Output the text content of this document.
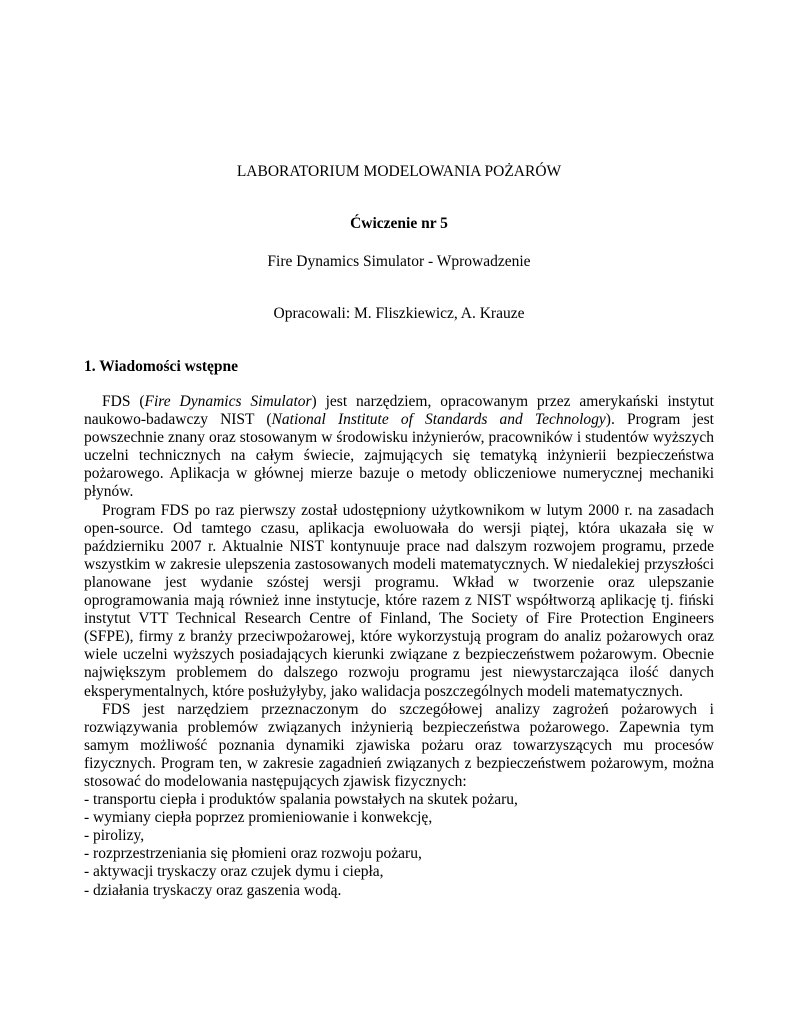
LABORATORIUM MODELOWANIA POŻARÓW
Ćwiczenie nr 5
Fire Dynamics Simulator - Wprowadzenie
Opracowali: M. Fliszkiewicz, A. Krauze
1. Wiadomości wstępne

FDS (Fire Dynamics Simulator) jest narzędziem, opracowanym przez amerykański instytut naukowo-badawczy NIST (National Institute of Standards and Technology). Program jest powszechnie znany oraz stosowanym w środowisku inżynierów, pracowników i studentów wyższych uczelni technicznych na całym świecie, zajmujących się tematyką inżynierii bezpieczeństwa pożarowego. Aplikacja w głównej mierze bazuje o metody obliczeniowe numerycznej mechaniki płynów.

Program FDS po raz pierwszy został udostępniony użytkownikom w lutym 2000 r. na zasadach open-source. Od tamtego czasu, aplikacja ewoluowała do wersji piątej, która ukazała się w październiku 2007 r. Aktualnie NIST kontynuuje prace nad dalszym rozwojem programu, przede wszystkim w zakresie ulepszenia zastosowanych modeli matematycznych. W niedalekiej przyszłości planowane jest wydanie szóstej wersji programu. Wkład w tworzenie oraz ulepszanie oprogramowania mają również inne instytucje, które razem z NIST współtworzą aplikację tj. fiński instytut VTT Technical Research Centre of Finland, The Society of Fire Protection Engineers (SFPE), firmy z branży przeciwpożarowej, które wykorzystują program do analiz pożarowych oraz wiele uczelni wyższych posiadających kierunki związane z bezpieczeństwem pożarowym. Obecnie największym problemem do dalszego rozwoju programu jest niewystarczająca ilość danych eksperymentalnych, które posłużyłyby, jako walidacja poszczególnych modeli matematycznych.

FDS jest narzędziem przeznaczonym do szczegółowej analizy zagrożeń pożarowych i rozwiązywania problemów związanych inżynierią bezpieczeństwa pożarowego. Zapewnia tym samym możliwość poznania dynamiki zjawiska pożaru oraz towarzyszących mu procesów fizycznych. Program ten, w zakresie zagadnień związanych z bezpieczeństwem pożarowym, można stosować do modelowania następujących zjawisk fizycznych:

- transportu ciepła i produktów spalania powstałych na skutek pożaru,
- wymiany ciepła poprzez promieniowanie i konwekcję,
- pirolizy,
- rozprzestrzeniania się płomieni oraz rozwoju pożaru,
- aktywacji tryskaczy oraz czujek dymu i ciepła,
- działania tryskaczy oraz gaszenia wodą.
